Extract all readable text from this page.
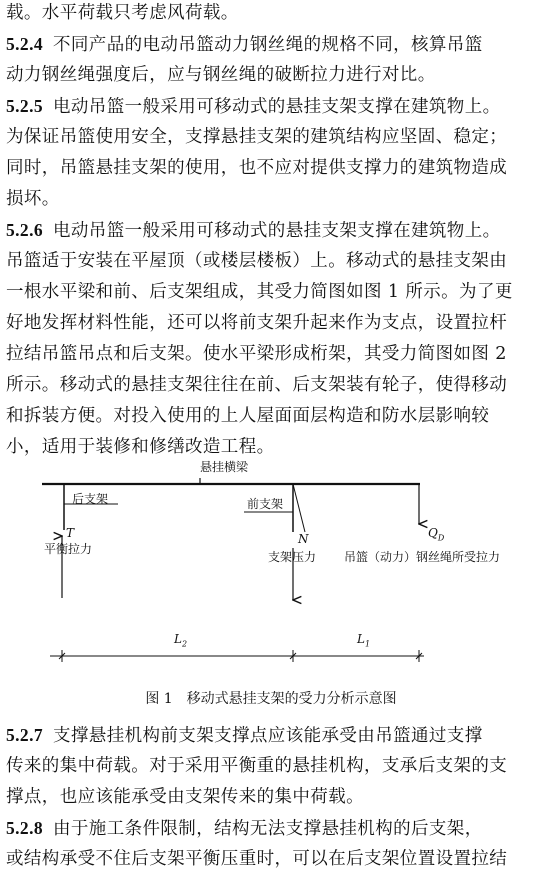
载。水平荷载只考虑风荷载。
5.2.4 不同产品的电动吊篮动力钢丝绳的规格不同，核算吊篮
动力钢丝绳强度后，应与钢丝绳的破断拉力进行对比。
5.2.5 电动吊篮一般采用可移动式的悬挂支架支撑在建筑物上。
为保证吊篮使用安全，支撑悬挂支架的建筑结构应坚固、稳定；
同时，吊篮悬挂支架的使用，也不应对提供支撑力的建筑物造成
损坏。
5.2.6 电动吊篮一般采用可移动式的悬挂支架支撑在建筑物上。
吊篮适于安装在平屋顶（或楼层楼板）上。移动式的悬挂支架由
一根水平梁和前、后支架组成，其受力简图如图 1 所示。为了更
好地发挥材料性能，还可以将前支架升起来作为支点，设置拉杆
拉结吊篮吊点和后支架。使水平梁形成桁架，其受力简图如图 2
所示。移动式的悬挂支架往往在前、后支架装有轮子，使得移动
和拆装方便。对投入使用的上人屋面面层构造和防水层影响较
小，适用于装修和修缮改造工程。
5.2.7 支撑悬挂机构前支架支撑点应该能承受由吊篮通过支撑
传来的集中荷载。对于采用平衡重的悬挂机构，支承后支架的支
撑点，也应该能承受由支架传来的集中荷载。
5.2.8 由于施工条件限制，结构无法支撑悬挂机构的后支架，
或结构承受不住后支架平衡压重时，可以在后支架位置设置拉结
悬挂横梁
后支架	前支架
T
平衡拉力
N
支架压力
$Q_D$
吊篮（动力）钢丝绳所受拉力
$L_2$	$L_1$
图 1　移动式悬挂支架的受力分析示意图
